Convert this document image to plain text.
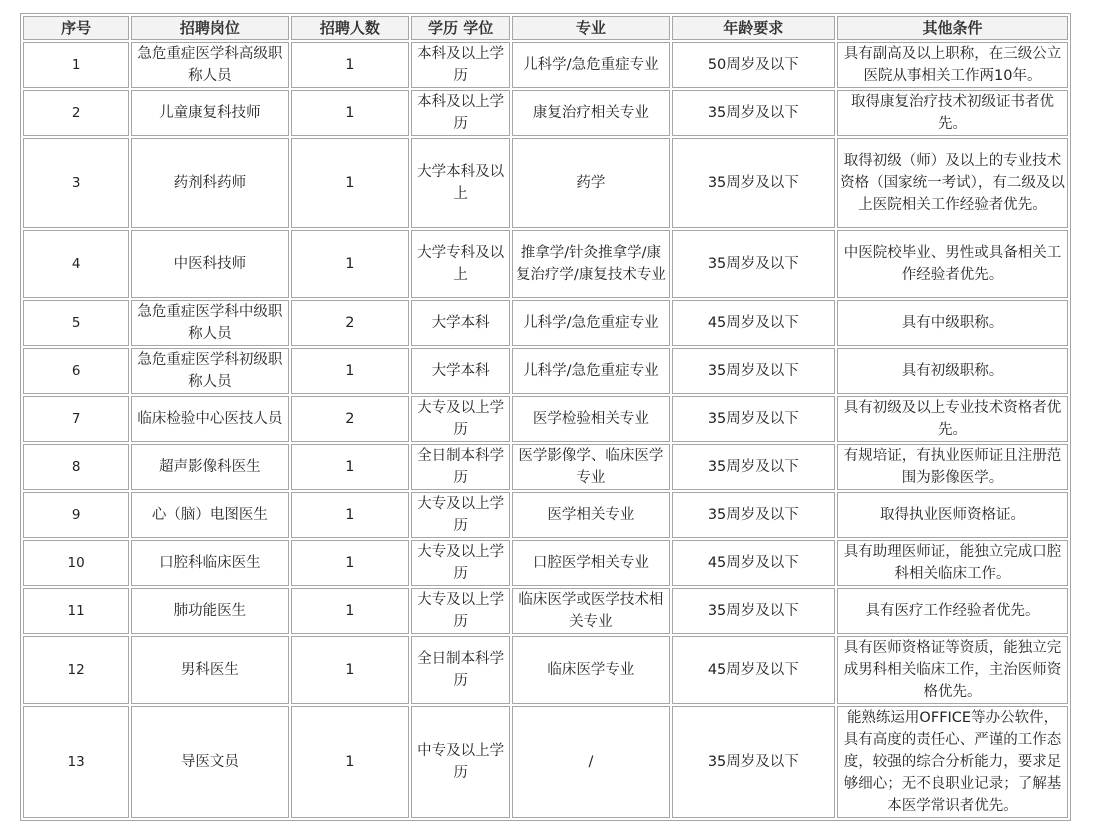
序号	招聘岗位	招聘人数	学历 学位	专业	年龄要求	其他条件
1	急危重症医学科高级职称人员	1	本科及以上学历	儿科学/急危重症专业	50周岁及以下	具有副高及以上职称，在三级公立医院从事相关工作两10年。
2	儿童康复科技师	1	本科及以上学历	康复治疗相关专业	35周岁及以下	取得康复治疗技术初级证书者优先。
3	药剂科药师	1	大学本科及以上	药学	35周岁及以下	取得初级（师）及以上的专业技术资格（国家统一考试），有二级及以上医院相关工作经验者优先。
4	中医科技师	1	大学专科及以上	推拿学/针灸推拿学/康复治疗学/康复技术专业	35周岁及以下	中医院校毕业、男性或具备相关工作经验者优先。
5	急危重症医学科中级职称人员	2	大学本科	儿科学/急危重症专业	45周岁及以下	具有中级职称。
6	急危重症医学科初级职称人员	1	大学本科	儿科学/急危重症专业	35周岁及以下	具有初级职称。
7	临床检验中心医技人员	2	大专及以上学历	医学检验相关专业	35周岁及以下	具有初级及以上专业技术资格者优先。
8	超声影像科医生	1	全日制本科学历	医学影像学、临床医学专业	35周岁及以下	有规培证，有执业医师证且注册范围为影像医学。
9	心（脑）电图医生	1	大专及以上学历	医学相关专业	35周岁及以下	取得执业医师资格证。
10	口腔科临床医生	1	大专及以上学历	口腔医学相关专业	45周岁及以下	具有助理医师证，能独立完成口腔科相关临床工作。
11	肺功能医生	1	大专及以上学历	临床医学或医学技术相关专业	35周岁及以下	具有医疗工作经验者优先。
12	男科医生	1	全日制本科学历	临床医学专业	45周岁及以下	具有医师资格证等资质，能独立完成男科相关临床工作，主治医师资格优先。
13	导医文员	1	中专及以上学历	/	35周岁及以下	能熟练运用OFFICE等办公软件，具有高度的责任心、严谨的工作态度，较强的综合分析能力，要求足够细心；无不良职业记录；了解基本医学常识者优先。
